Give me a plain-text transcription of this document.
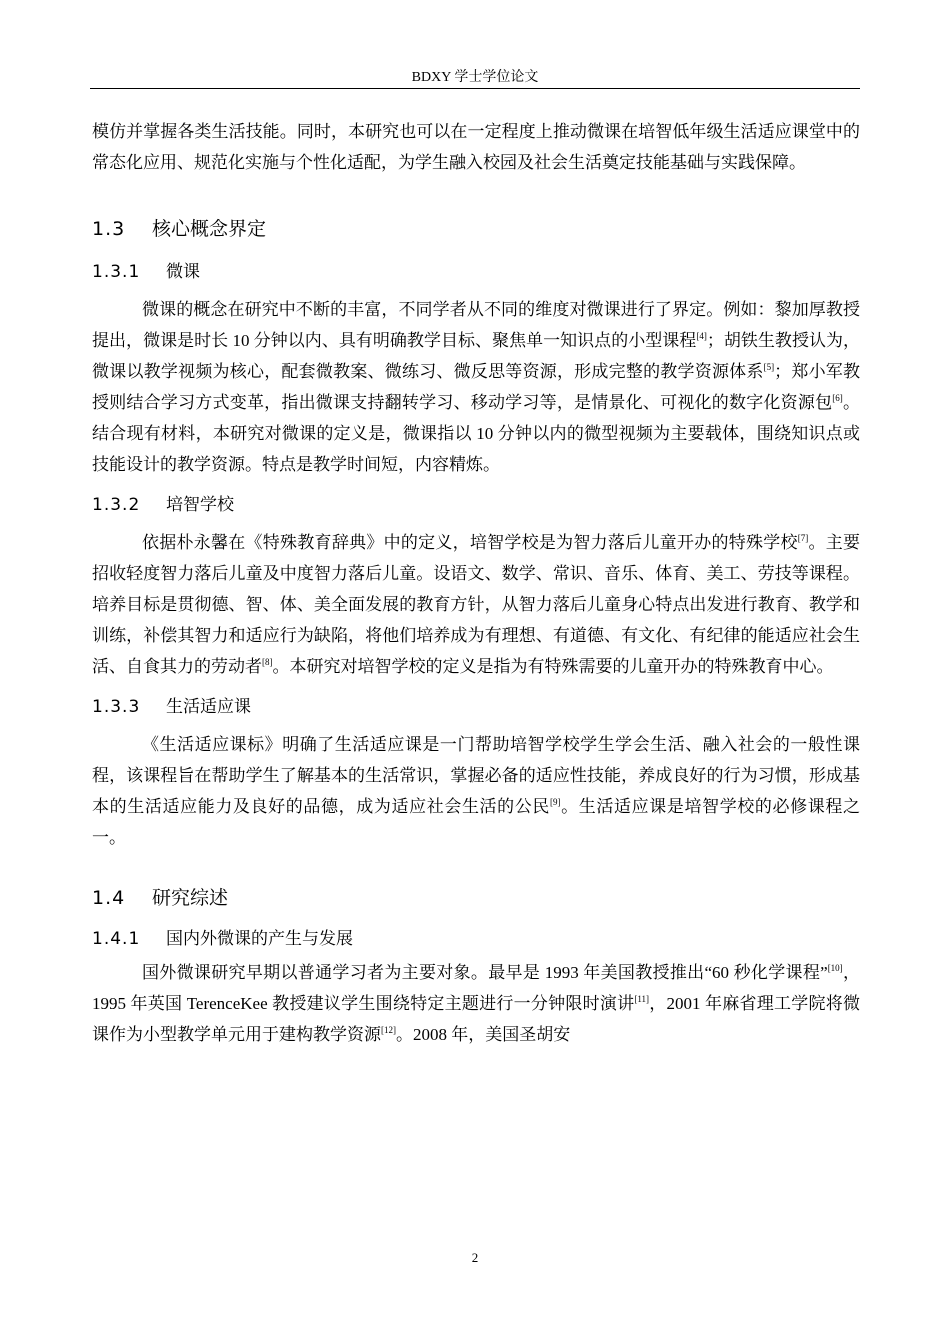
BDXY 学士学位论文

模仿并掌握各类生活技能。同时，本研究也可以在一定程度上推动微课在培智低年级生活适应课堂中的常态化应用、规范化实施与个性化适配，为学生融入校园及社会生活奠定技能基础与实践保障。

1.3 核心概念界定
1.3.1 微课

微课的概念在研究中不断的丰富，不同学者从不同的维度对微课进行了界定。例如：黎加厚教授提出，微课是时长 10 分钟以内、具有明确教学目标、聚焦单一知识点的小型课程[4]；胡铁生教授认为，微课以教学视频为核心，配套微教案、微练习、微反思等资源，形成完整的教学资源体系[5]；郑小军教授则结合学习方式变革，指出微课支持翻转学习、移动学习等，是情景化、可视化的数字化资源包[6]。结合现有材料，本研究对微课的定义是，微课指以 10 分钟以内的微型视频为主要载体，围绕知识点或技能设计的教学资源。特点是教学时间短，内容精炼。

1.3.2 培智学校

依据朴永馨在《特殊教育辞典》中的定义，培智学校是为智力落后儿童开办的特殊学校[7]。主要招收轻度智力落后儿童及中度智力落后儿童。设语文、数学、常识、音乐、体育、美工、劳技等课程。培养目标是贯彻德、智、体、美全面发展的教育方针，从智力落后儿童身心特点出发进行教育、教学和训练，补偿其智力和适应行为缺陷，将他们培养成为有理想、有道德、有文化、有纪律的能适应社会生活、自食其力的劳动者[8]。本研究对培智学校的定义是指为有特殊需要的儿童开办的特殊教育中心。

1.3.3 生活适应课

《生活适应课标》明确了生活适应课是一门帮助培智学校学生学会生活、融入社会的一般性课程，该课程旨在帮助学生了解基本的生活常识，掌握必备的适应性技能，养成良好的行为习惯，形成基本的生活适应能力及良好的品德，成为适应社会生活的公民[9]。生活适应课是培智学校的必修课程之一。

1.4 研究综述
1.4.1 国内外微课的产生与发展

国外微课研究早期以普通学习者为主要对象。最早是 1993 年美国教授推出“60 秒化学课程”[10]，1995 年英国 TerenceKee 教授建议学生围绕特定主题进行一分钟限时演讲[11]，2001 年麻省理工学院将微课作为小型教学单元用于建构教学资源[12]。2008 年，美国圣胡安

2
